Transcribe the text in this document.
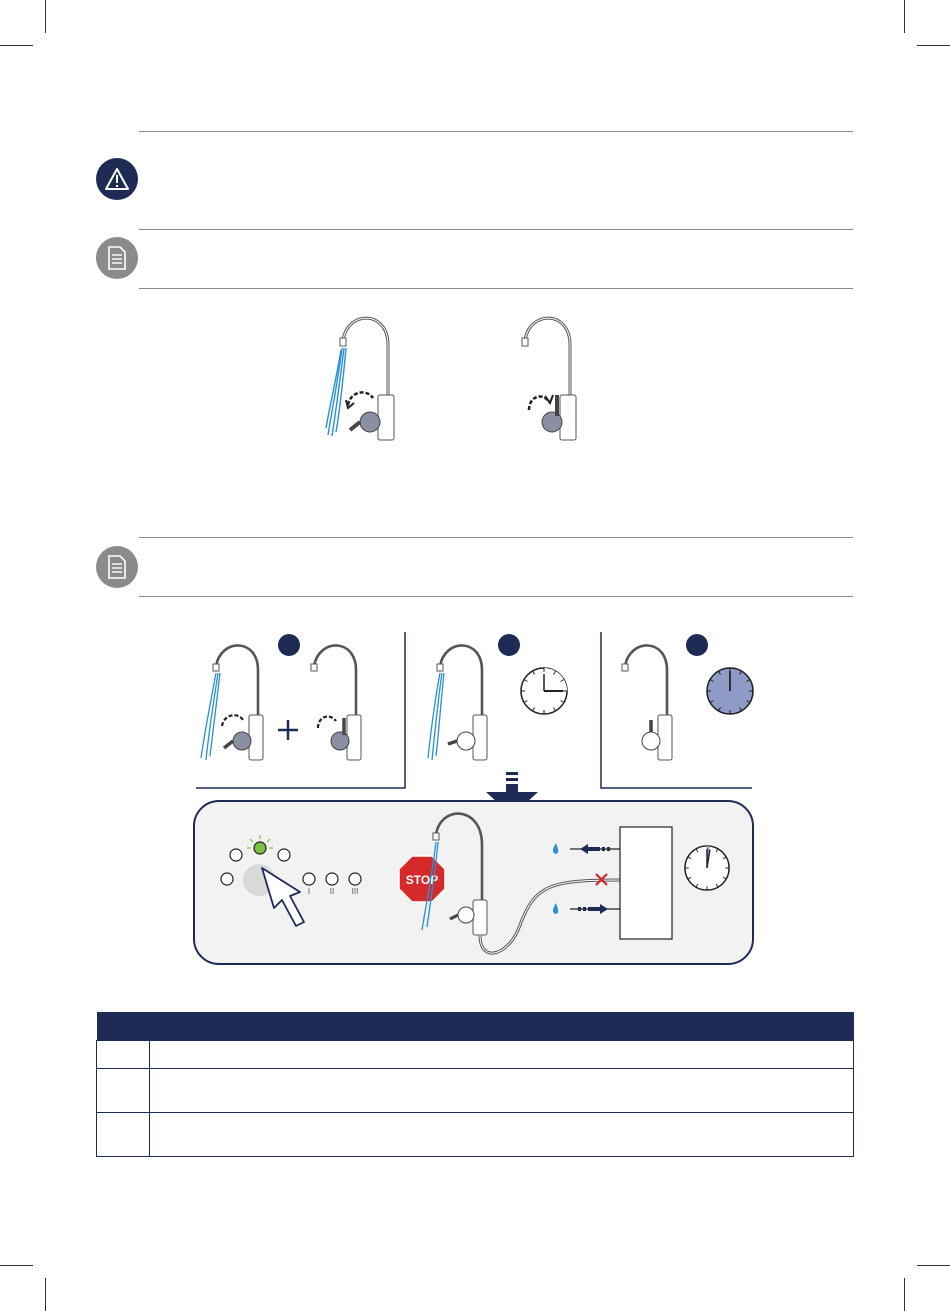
I II III
STOP
